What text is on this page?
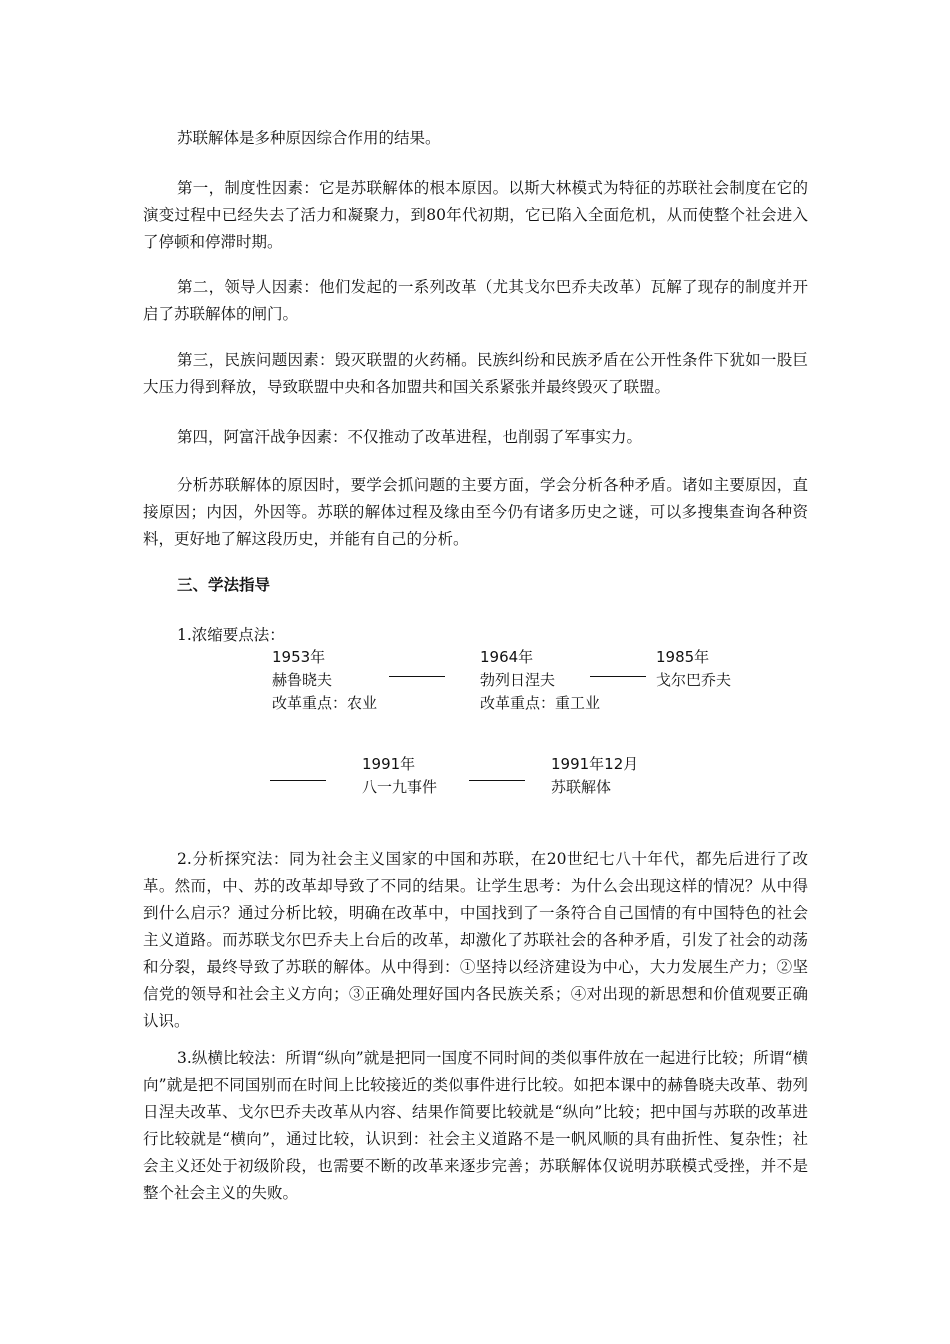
苏联解体是多种原因综合作用的结果。

第一，制度性因素：它是苏联解体的根本原因。以斯大林模式为特征的苏联社会制度在它的演变过程中已经失去了活力和凝聚力，到80年代初期，它已陷入全面危机，从而使整个社会进入了停顿和停滞时期。

第二，领导人因素：他们发起的一系列改革（尤其戈尔巴乔夫改革）瓦解了现存的制度并开启了苏联解体的闸门。

第三，民族问题因素：毁灭联盟的火药桶。民族纠纷和民族矛盾在公开性条件下犹如一股巨大压力得到释放，导致联盟中央和各加盟共和国关系紧张并最终毁灭了联盟。

第四，阿富汗战争因素：不仅推动了改革进程，也削弱了军事实力。

分析苏联解体的原因时，要学会抓问题的主要方面，学会分析各种矛盾。诸如主要原因，直接原因；内因，外因等。苏联的解体过程及缘由至今仍有诸多历史之谜，可以多搜集查询各种资料，更好地了解这段历史，并能有自己的分析。

三、学法指导

1.浓缩要点法：

1953年
赫鲁晓夫
改革重点：农业
1964年
勃列日涅夫
改革重点：重工业
1985年
戈尔巴乔夫
1991年
八一九事件
1991年12月
苏联解体

2.分析探究法：同为社会主义国家的中国和苏联，在20世纪七八十年代，都先后进行了改革。然而，中、苏的改革却导致了不同的结果。让学生思考：为什么会出现这样的情况？从中得到什么启示？通过分析比较，明确在改革中，中国找到了一条符合自己国情的有中国特色的社会主义道路。而苏联戈尔巴乔夫上台后的改革，却激化了苏联社会的各种矛盾，引发了社会的动荡和分裂，最终导致了苏联的解体。从中得到：①坚持以经济建设为中心，大力发展生产力；②坚信党的领导和社会主义方向；③正确处理好国内各民族关系；④对出现的新思想和价值观要正确认识。

3.纵横比较法：所谓“纵向”就是把同一国度不同时间的类似事件放在一起进行比较；所谓“横向”就是把不同国别而在时间上比较接近的类似事件进行比较。如把本课中的赫鲁晓夫改革、勃列日涅夫改革、戈尔巴乔夫改革从内容、结果作简要比较就是“纵向”比较；把中国与苏联的改革进行比较就是“横向”，通过比较，认识到：社会主义道路不是一帆风顺的具有曲折性、复杂性；社会主义还处于初级阶段，也需要不断的改革来逐步完善；苏联解体仅说明苏联模式受挫，并不是整个社会主义的失败。
